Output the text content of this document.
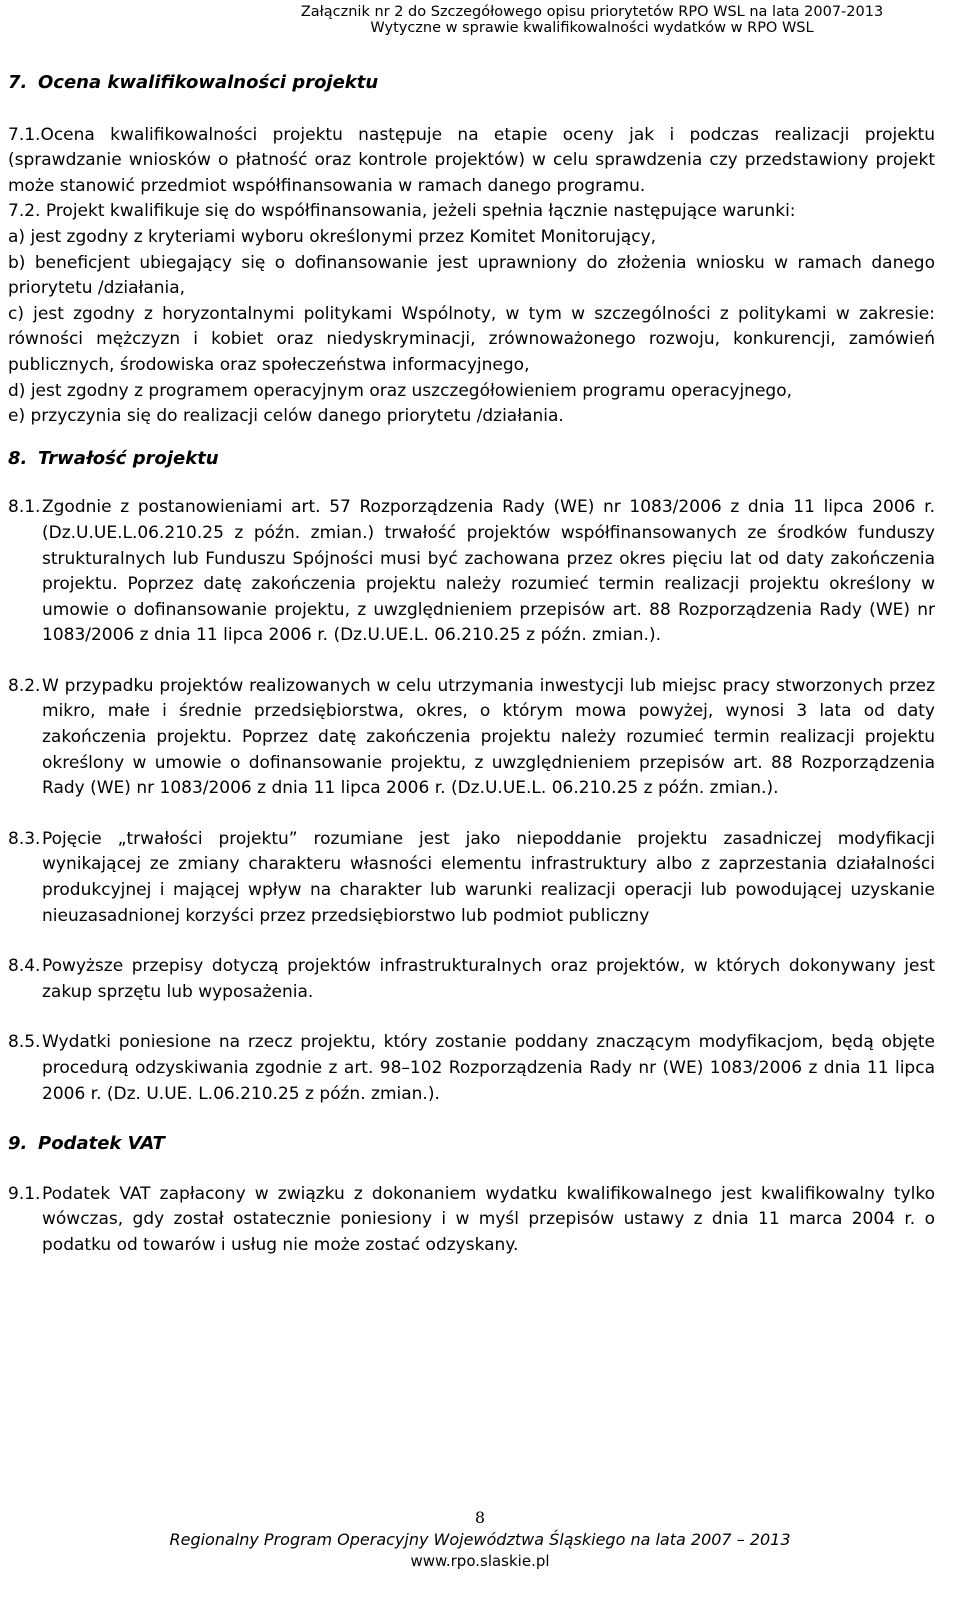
Załącznik nr 2 do Szczegółowego opisu priorytetów RPO WSL na lata 2007-2013
Wytyczne w sprawie kwalifikowalności wydatków w RPO WSL
7. Ocena kwalifikowalności projektu

7.1.Ocena kwalifikowalności projektu następuje na etapie oceny jak i podczas realizacji projektu (sprawdzanie wniosków o płatność oraz kontrole projektów) w celu sprawdzenia czy przedstawiony projekt może stanowić przedmiot współfinansowania w ramach danego programu.

7.2. Projekt kwalifikuje się do współfinansowania, jeżeli spełnia łącznie następujące warunki:

a) jest zgodny z kryteriami wyboru określonymi przez Komitet Monitorujący,

b) beneficjent ubiegający się o dofinansowanie jest uprawniony do złożenia wniosku w ramach danego priorytetu /działania,

c) jest zgodny z horyzontalnymi politykami Wspólnoty, w tym w szczególności z politykami w zakresie: równości mężczyzn i kobiet oraz niedyskryminacji, zrównoważonego rozwoju, konkurencji, zamówień publicznych, środowiska oraz społeczeństwa informacyjnego,

d) jest zgodny z programem operacyjnym oraz uszczegółowieniem programu operacyjnego,

e) przyczynia się do realizacji celów danego priorytetu /działania.

8. Trwałość projektu
8.1. Zgodnie z postanowieniami art. 57 Rozporządzenia Rady (WE) nr 1083/2006 z dnia 11 lipca 2006 r. (Dz.U.UE.L.06.210.25 z późn. zmian.) trwałość projektów współfinansowanych ze środków funduszy strukturalnych lub Funduszu Spójności musi być zachowana przez okres pięciu lat od daty zakończenia projektu. Poprzez datę zakończenia projektu należy rozumieć termin realizacji projektu określony w umowie o dofinansowanie projektu, z uwzględnieniem przepisów art. 88 Rozporządzenia Rady (WE) nr 1083/2006 z dnia 11 lipca 2006 r. (Dz.U.UE.L. 06.210.25 z późn. zmian.).
8.2. W przypadku projektów realizowanych w celu utrzymania inwestycji lub miejsc pracy stworzonych przez mikro, małe i średnie przedsiębiorstwa, okres, o którym mowa powyżej, wynosi 3 lata od daty zakończenia projektu. Poprzez datę zakończenia projektu należy rozumieć termin realizacji projektu określony w umowie o dofinansowanie projektu, z uwzględnieniem przepisów art. 88 Rozporządzenia Rady (WE) nr 1083/2006 z dnia 11 lipca 2006 r. (Dz.U.UE.L. 06.210.25 z późn. zmian.).
8.3. Pojęcie „trwałości projektu” rozumiane jest jako niepoddanie projektu zasadniczej modyfikacji wynikającej ze zmiany charakteru własności elementu infrastruktury albo z zaprzestania działalności produkcyjnej i mającej wpływ na charakter lub warunki realizacji operacji lub powodującej uzyskanie nieuzasadnionej korzyści przez przedsiębiorstwo lub podmiot publiczny
8.4. Powyższe przepisy dotyczą projektów infrastrukturalnych oraz projektów, w których dokonywany jest zakup sprzętu lub wyposażenia.
8.5. Wydatki poniesione na rzecz projektu, który zostanie poddany znaczącym modyfikacjom, będą objęte procedurą odzyskiwania zgodnie z art. 98–102 Rozporządzenia Rady nr (WE) 1083/2006 z dnia 11 lipca 2006 r. (Dz. U.UE. L.06.210.25 z późn. zmian.).
9. Podatek VAT
9.1. Podatek VAT zapłacony w związku z dokonaniem wydatku kwalifikowalnego jest kwalifikowalny tylko wówczas, gdy został ostatecznie poniesiony i w myśl przepisów ustawy z dnia 11 marca 2004 r. o podatku od towarów i usług nie może zostać odzyskany.
8
Regionalny Program Operacyjny Województwa Śląskiego na lata 2007 – 2013
www.rpo.slaskie.pl
